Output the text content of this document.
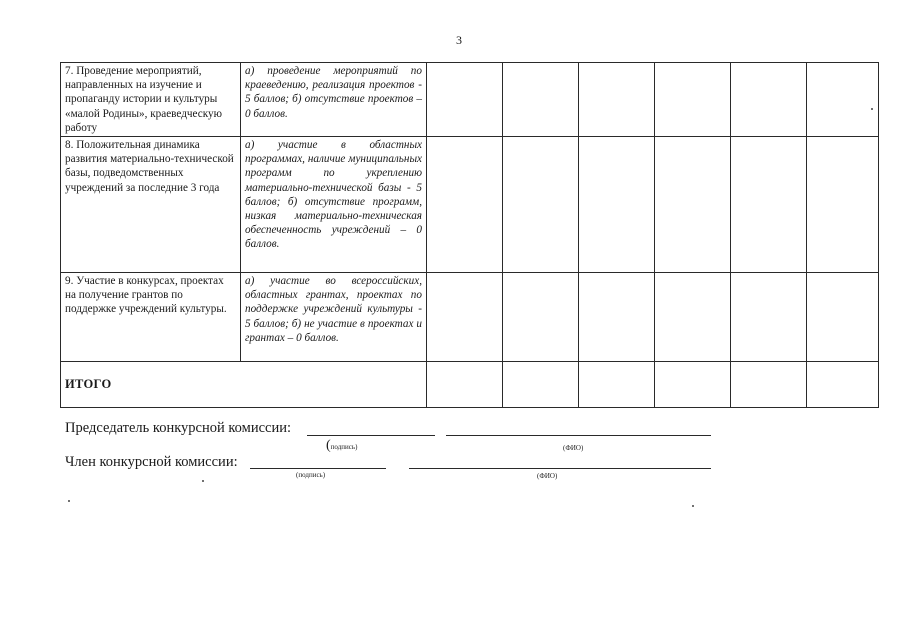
3
7. Проведение мероприятий, направленных на изучение и пропаганду истории и культуры «малой Родины», краеведческую работу	а) проведение мероприятий по краеведению, реализация проектов - 5 баллов; б) отсутствие проектов – 0 баллов.						
8. Положительная динамика развития материально-технической базы, подведомственных учреждений за последние 3 года	а) участие в областных программах, наличие муниципальных программ по укреплению материально-технической базы - 5 баллов; б) отсутствие программ, низкая материально-техническая обеспеченность учреждений – 0 баллов.						
9. Участие в конкурсах, проектах на получение грантов по поддержке учреждений культуры.	а) участие во всероссийских, областных грантах, проектах по поддержке учреждений культуры - 5 баллов; б) не участие в проектах и грантах – 0 баллов.						
ИТОГО							
Председатель конкурсной комиссии:
(подпись)	(ФИО)
Член конкурсной комиссии:
(подпись)	(ФИО)
